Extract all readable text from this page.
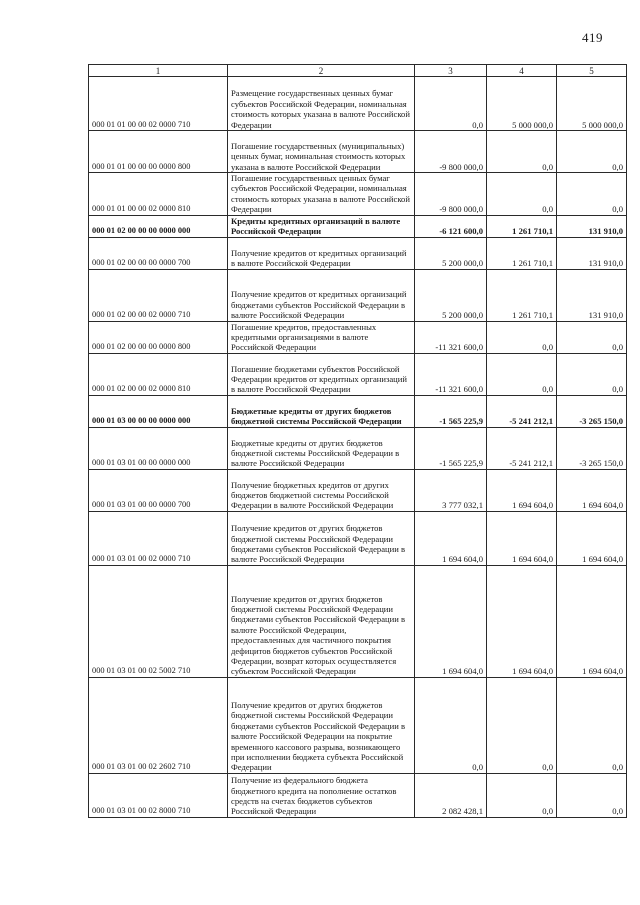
419
1	2	3	4	5
000 01 01 00 00 02 0000 710	Размещение государственных ценных бумаг субъектов Российской Федерации, номинальная стоимость которых указана в валюте Российской Федерации	0,0	5 000 000,0	5 000 000,0
000 01 01 00 00 00 0000 800	Погашение государственных (муниципальных) ценных бумаг, номинальная стоимость которых указана в валюте Российской Федерации	-9 800 000,0	0,0	0,0
000 01 01 00 00 02 0000 810	Погашение государственных ценных бумаг субъектов Российской Федерации, номинальная стоимость которых указана в валюте Российской Федерации	-9 800 000,0	0,0	0,0
000 01 02 00 00 00 0000 000	Кредиты кредитных организаций в валюте Российской Федерации	-6 121 600,0	1 261 710,1	131 910,0
000 01 02 00 00 00 0000 700	Получение кредитов от кредитных организаций в валюте Российской Федерации	5 200 000,0	1 261 710,1	131 910,0
000 01 02 00 00 02 0000 710	Получение кредитов от кредитных организаций бюджетами субъектов Российской Федерации в валюте Российской Федерации	5 200 000,0	1 261 710,1	131 910,0
000 01 02 00 00 00 0000 800	Погашение кредитов, предоставленных кредитными организациями в валюте Российской Федерации	-11 321 600,0	0,0	0,0
000 01 02 00 00 02 0000 810	Погашение бюджетами субъектов Российской Федерации кредитов от кредитных организаций в валюте Российской Федерации	-11 321 600,0	0,0	0,0
000 01 03 00 00 00 0000 000	Бюджетные кредиты от других бюджетов бюджетной системы Российской Федерации	-1 565 225,9	-5 241 212,1	-3 265 150,0
000 01 03 01 00 00 0000 000	Бюджетные кредиты от других бюджетов бюджетной системы Российской Федерации в валюте Российской Федерации	-1 565 225,9	-5 241 212,1	-3 265 150,0
000 01 03 01 00 00 0000 700	Получение бюджетных кредитов от других бюджетов бюджетной системы Российской Федерации в валюте Российской Федерации	3 777 032,1	1 694 604,0	1 694 604,0
000 01 03 01 00 02 0000 710	Получение кредитов от других бюджетов бюджетной системы Российской Федерации бюджетами субъектов Российской Федерации в валюте Российской Федерации	1 694 604,0	1 694 604,0	1 694 604,0
000 01 03 01 00 02 5002 710	Получение кредитов от других бюджетов бюджетной системы Российской Федерации бюджетами субъектов Российской Федерации в валюте Российской Федерации, предоставленных для частичного покрытия дефицитов бюджетов субъектов Российской Федерации, возврат которых осуществляется субъектом Российской Федерации	1 694 604,0	1 694 604,0	1 694 604,0
000 01 03 01 00 02 2602 710	Получение кредитов от других бюджетов бюджетной системы Российской Федерации бюджетами субъектов Российской Федерации в валюте Российской Федерации на покрытие временного кассового разрыва, возникающего при исполнении бюджета субъекта Российской Федерации	0,0	0,0	0,0
000 01 03 01 00 02 8000 710	Получение из федерального бюджета бюджетного кредита на пополнение остатков средств на счетах бюджетов субъектов Российской Федерации	2 082 428,1	0,0	0,0
